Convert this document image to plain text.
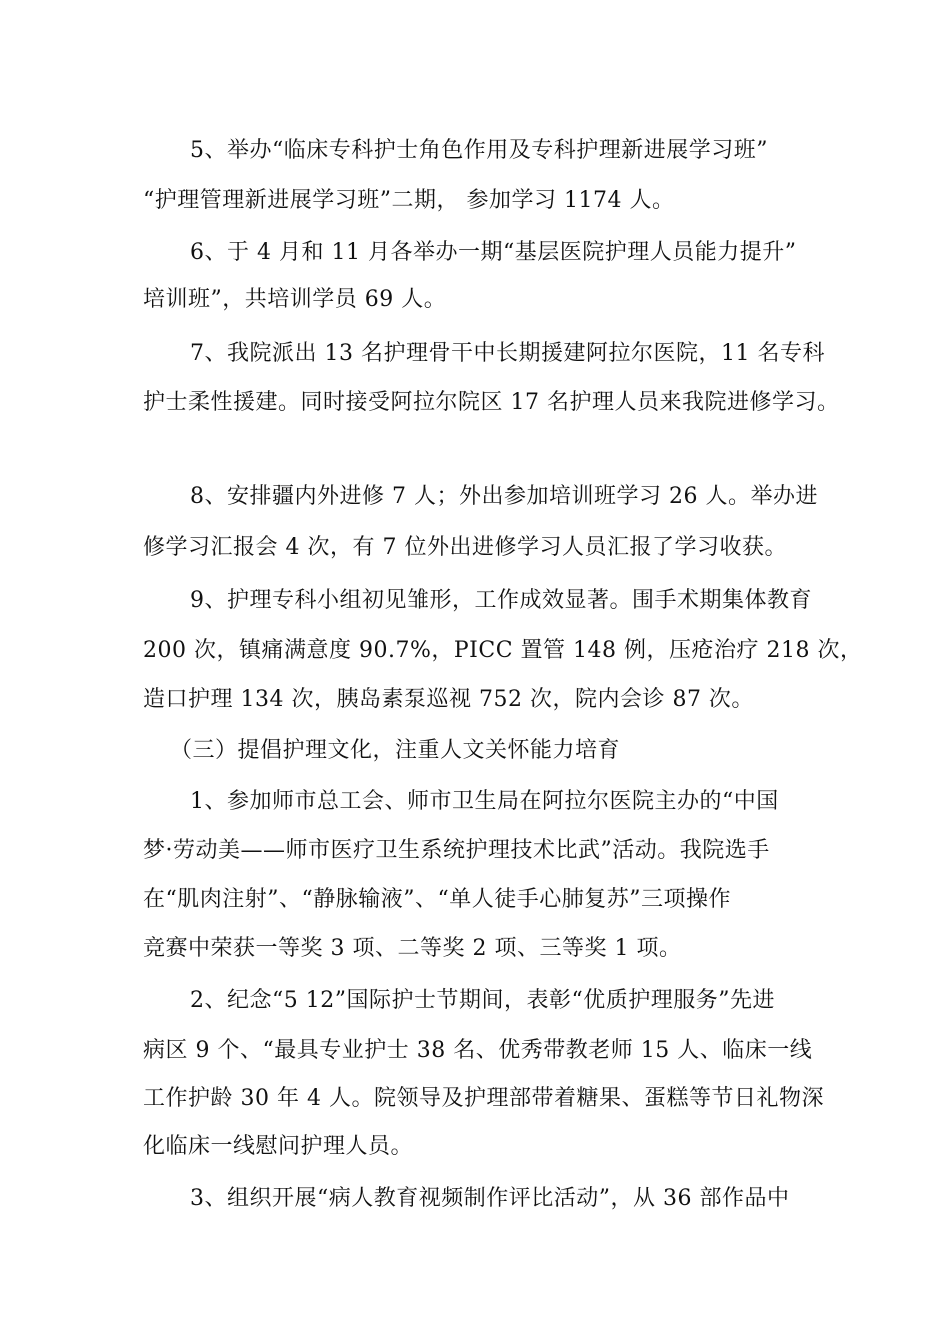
5、举办“临床专科护士角色作用及专科护理新进展学习班”
“护理管理新进展学习班”二期， 参加学习 1174 人。
6、于 4 月和 11 月各举办一期“基层医院护理人员能力提升”
培训班”，共培训学员 69 人。
7、我院派出 13 名护理骨干中长期援建阿拉尔医院，11 名专科
护士柔性援建。同时接受阿拉尔院区 17 名护理人员来我院进修学习。
8、安排疆内外进修 7 人；外出参加培训班学习 26 人。举办进
修学习汇报会 4 次，有 7 位外出进修学习人员汇报了学习收获。
9、护理专科小组初见雏形，工作成效显著。围手术期集体教育
200 次，镇痛满意度 90.7%，PICC 置管 148 例，压疮治疗 218 次，
造口护理 134 次，胰岛素泵巡视 752 次，院内会诊 87 次。
（三）提倡护理文化，注重人文关怀能力培育
1、参加师市总工会、师市卫生局在阿拉尔医院主办的“中国
梦·劳动美——师市医疗卫生系统护理技术比武”活动。我院选手
在“肌肉注射”、“静脉输液”、“单人徒手心肺复苏”三项操作
竞赛中荣获一等奖 3 项、二等奖 2 项、三等奖 1 项。
2、纪念“5 12”国际护士节期间，表彰“优质护理服务”先进
病区 9 个、“最具专业护士 38 名、优秀带教老师 15 人、临床一线
工作护龄 30 年 4 人。院领导及护理部带着糖果、蛋糕等节日礼物深
化临床一线慰问护理人员。
3、组织开展“病人教育视频制作评比活动”，从 36 部作品中
